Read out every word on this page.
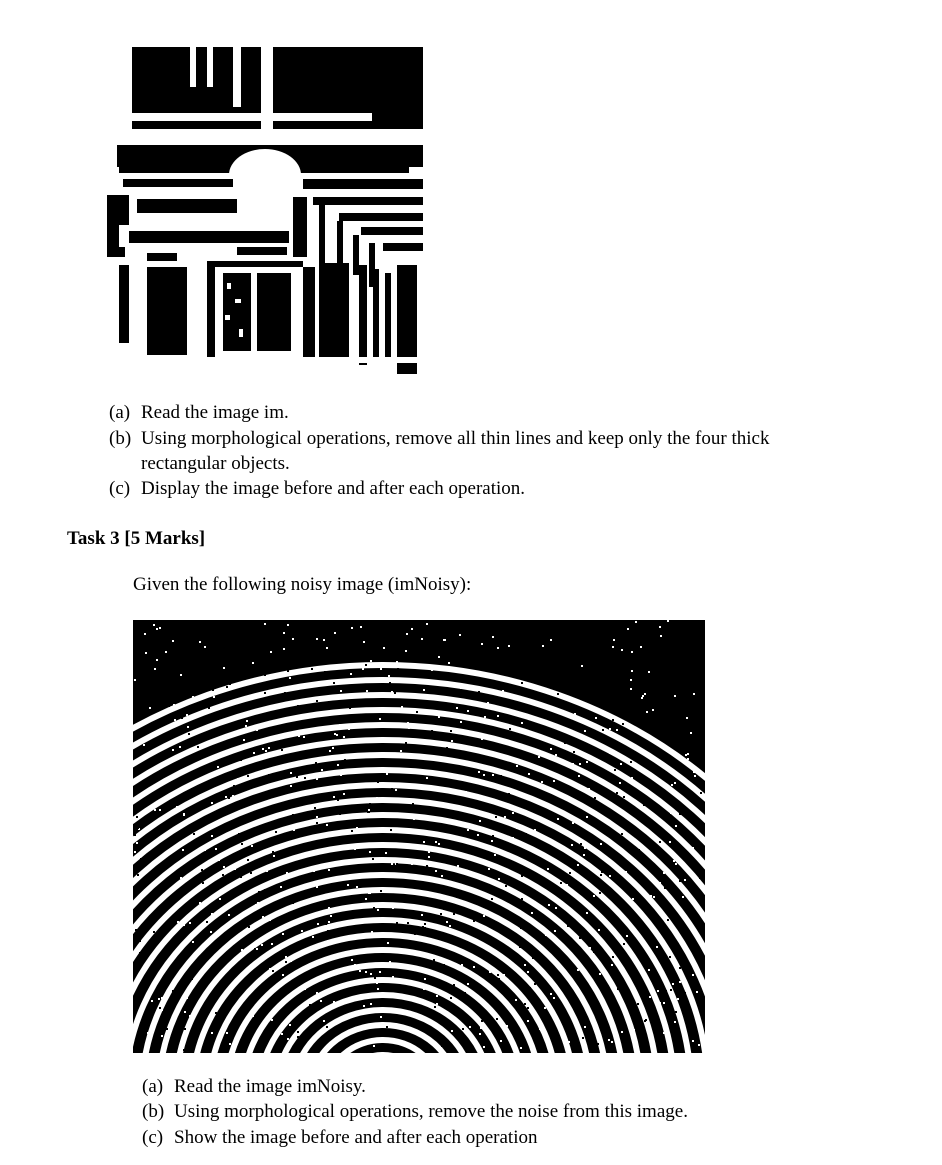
(a) Read the image im.
(b) Using morphological operations, remove all thin lines and keep only the four thick
rectangular objects.
(c) Display the image before and after each operation.
Task 3 [5 Marks]
Given the following noisy image (imNoisy):
(a) Read the image imNoisy.
(b) Using morphological operations, remove the noise from this image.
(c) Show the image before and after each operation
